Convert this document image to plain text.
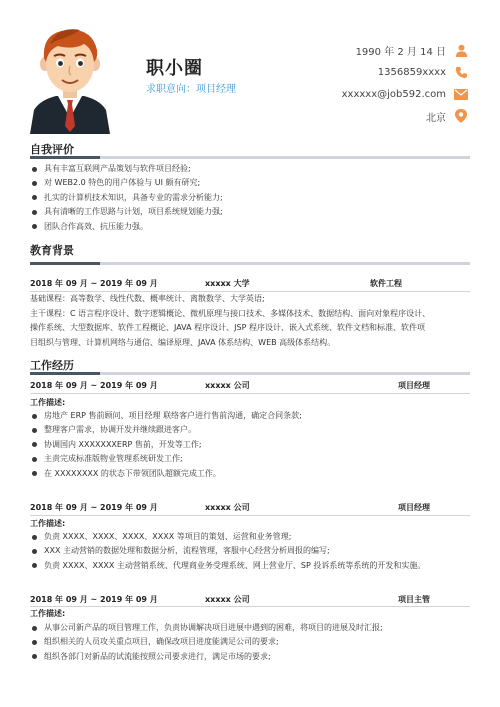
职小圈
求职意向：项目经理
1990 年 2 月 14 日
1356859xxxx
xxxxxx@job592.com
北京
自我评价
具有丰富互联网产品策划与软件项目经验;
对 WEB2.0 特色的用户体验与 UI 颇有研究;
扎实的计算机技术知识，具备专业的需求分析能力;
具有清晰的工作思路与计划，项目系统规划能力强;
团队合作高效、抗压能力强。
教育背景
2018 年 09 月 ~ 2019 年 09 月	xxxxx 大学	软件工程
基础课程：高等数学、线性代数、概率统计、离散数学、大学英语;
主干课程：C 语言程序设计、数字逻辑概论、微机原理与接口技术、多媒体技术、数据结构、面向对象程序设计、
操作系统、大型数据库、软件工程概论、JAVA 程序设计、JSP 程序设计、嵌入式系统、软件文档和标准、软件项
目组织与管理、计算机网络与通信、编译原理、JAVA 体系结构、WEB 高级体系结构。
工作经历
2018 年 09 月 ~ 2019 年 09 月	xxxxx 公司	项目经理
工作描述:
房地产 ERP 售前顾问、项目经理 联络客户进行售前沟通，确定合同条款;
整理客户需求，协调开发并继续跟进客户。
协调国内 XXXXXXXERP 售前，开发等工作;
主责完成标准版物业管理系统研发工作;
在 XXXXXXXX 的状态下带领团队超额完成工作。
2018 年 09 月 ~ 2019 年 09 月	xxxxx 公司	项目经理
工作描述:
负责 XXXX、XXXX、XXXX、XXXX 等项目的策划、运营和业务管理;
XXX 主动营销的数据处理和数据分析，流程管理，客服中心经营分析周报的编写;
负责 XXXX、XXXX 主动营销系统、代理商业务受理系统、网上营业厅、SP 投诉系统等系统的开发和实施。
2018 年 09 月 ~ 2019 年 09 月	xxxxx 公司	项目主管
工作描述:
从事公司新产品的项目管理工作，负责协调解决项目进展中遇到的困难，将项目的进展及时汇报;
组织相关的人员攻关重点项目，确保改项目进度能满足公司的要求;
组织各部门对新品的试流能按照公司要求进行，满足市场的要求;
